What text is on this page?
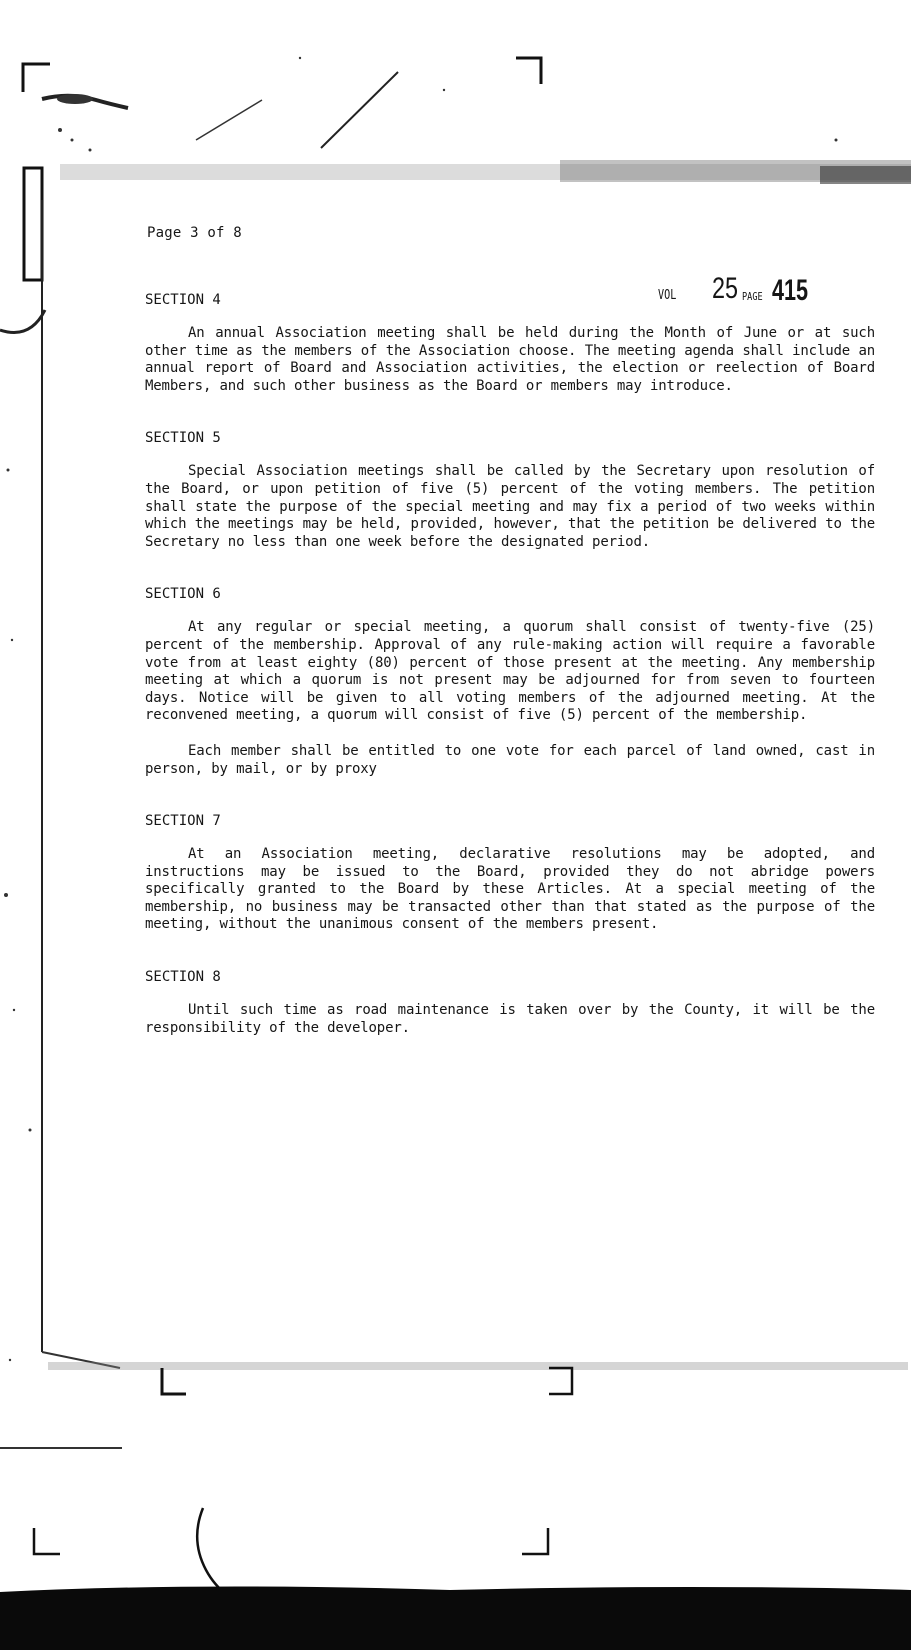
Page 3 of 8
VOL 25 PAGE 415
SECTION 4

An annual Association meeting shall be held during the Month of June or at such other time as the members of the Association choose. The meeting agenda shall include an annual report of Board and Association activities, the election or reelection of Board Members, and such other business as the Board or members may introduce.

SECTION 5

Special Association meetings shall be called by the Secretary upon resolution of the Board, or upon petition of five (5) percent of the voting members. The petition shall state the purpose of the special meeting and may fix a period of two weeks within which the meetings may be held, provided, however, that the petition be delivered to the Secretary no less than one week before the designated period.

SECTION 6

At any regular or special meeting, a quorum shall consist of twenty-five (25) percent of the membership. Approval of any rule-making action will require a favorable vote from at least eighty (80) percent of those present at the meeting. Any membership meeting at which a quorum is not present may be adjourned for from seven to fourteen days. Notice will be given to all voting members of the adjourned meeting. At the reconvened meeting, a quorum will consist of five (5) percent of the membership.

Each member shall be entitled to one vote for each parcel of land owned, cast in person, by mail, or by proxy

SECTION 7

At an Association meeting, declarative resolutions may be adopted, and instructions may be issued to the Board, provided they do not abridge powers specifically granted to the Board by these Articles. At a special meeting of the membership, no business may be transacted other than that stated as the purpose of the meeting, without the unanimous consent of the members present.

SECTION 8

Until such time as road maintenance is taken over by the County, it will be the responsibility of the developer.
